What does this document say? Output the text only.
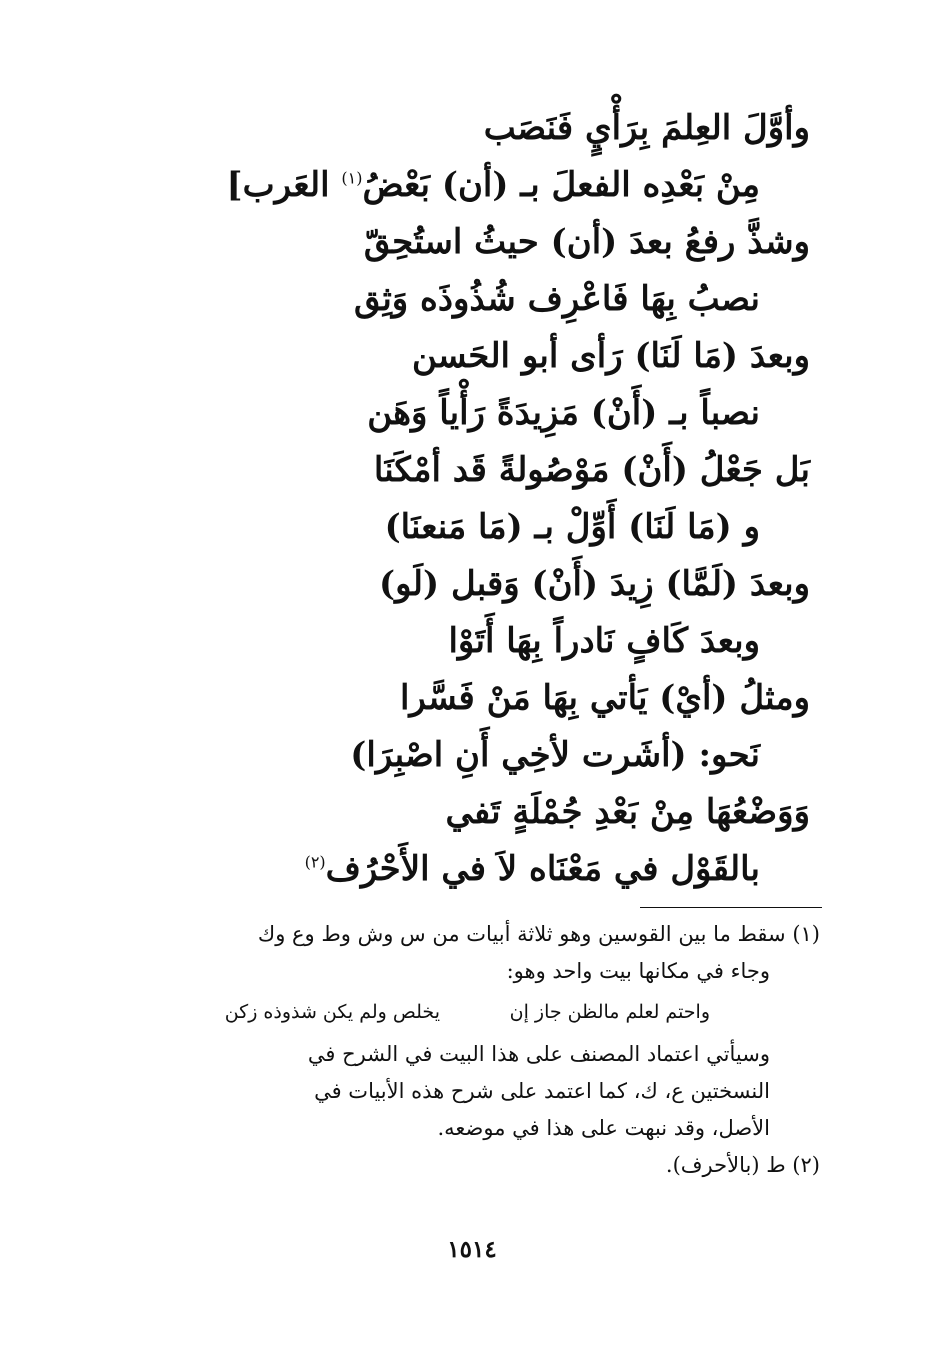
وأوَّلَ العِلمَ بِرَأْيٍ فَنَصَب
مِنْ بَعْدِه الفعلَ بـ (أن) بَعْضُ$^{(١)}$ العَرب]
وشذَّ رفعُ بعدَ (أن) حيثُ استُحِقّ
نصبُ بِهَا فَاعْرِف شُذُوذَه وَثِق
وبعدَ (مَا لَنَا) رَأى أبو الحَسن
نصباً بـ (أَنْ) مَزِيدَةً رَأْياً وَهَن
بَل جَعْلُ (أَنْ) مَوْصُولةً قَد أمْكَنَا
و (مَا لَنَا) أَوِّلْ بـ (مَا مَنعنَا)
وبعدَ (لَمَّا) زِيدَ (أَنْ) وَقبل (لَو)
وبعدَ كَافٍ نَادراً بِهَا أَتَوْا
ومثلُ (أيْ) يَأتي بِهَا مَنْ فَسَّرا
نَحو: (أشَرت لأخِي أَنِ اصْبِرَا)
وَوَضْعُهَا مِنْ بَعْدِ جُمْلَةٍ تَفي
بالقَوْل في مَعْنَاه لاَ في الأَحْرُف$^{(٢)}$
(١) سقط ما بين القوسين وهو ثلاثة أبيات من س وش وط وع وك
وجاء في مكانها بيت واحد وهو:
واحتم لعلم مالظن جاز إن
يخلص ولم يكن شذوذه زكن
وسيأتي اعتماد المصنف على هذا البيت في الشرح في
النسختين ع، ك، كما اعتمد على شرح هذه الأبيات في
الأصل، وقد نبهت على هذا في موضعه.
(٢) ط (بالأحرف).
١٥١٤
